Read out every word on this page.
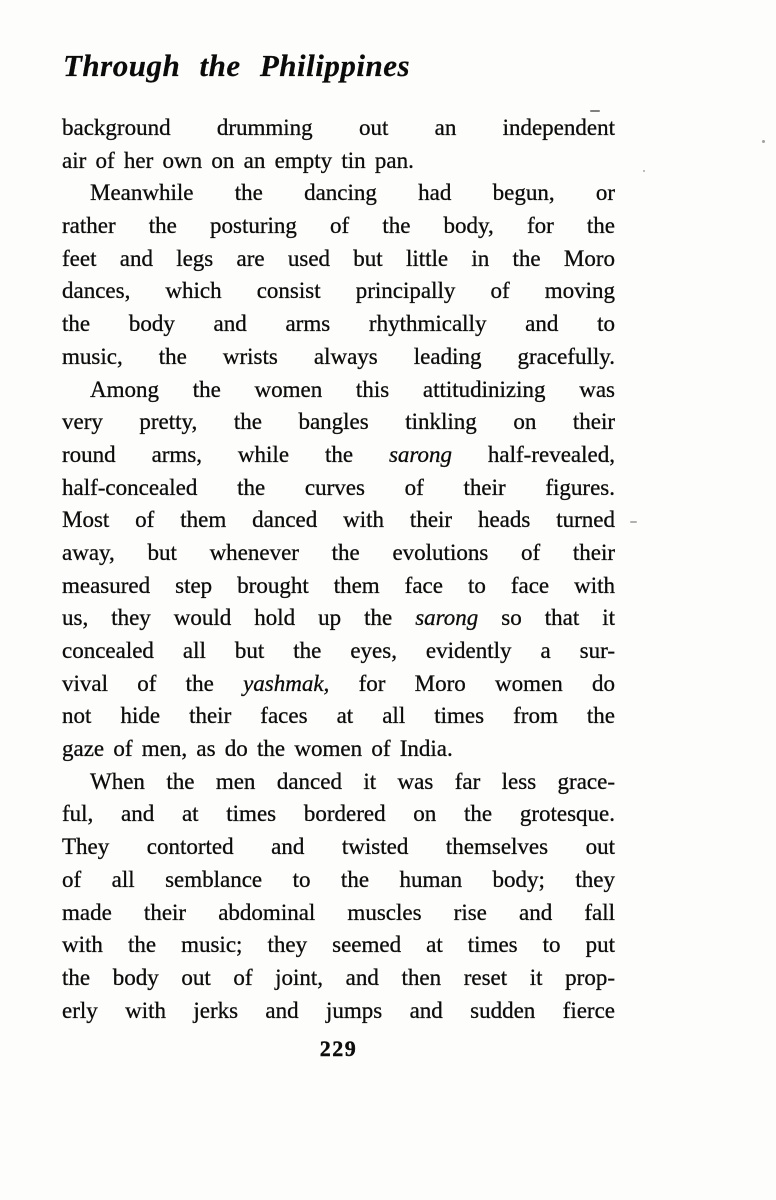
Through the Philippines
background drumming out an independent
air of her own on an empty tin pan.
Meanwhile the dancing had begun, or
rather the posturing of the body, for the
feet and legs are used but little in the Moro
dances, which consist principally of moving
the body and arms rhythmically and to
music, the wrists always leading gracefully.
Among the women this attitudinizing was
very pretty, the bangles tinkling on their
round arms, while the sarong half-revealed,
half-concealed the curves of their figures.
Most of them danced with their heads turned
away, but whenever the evolutions of their
measured step brought them face to face with
us, they would hold up the sarong so that it
concealed all but the eyes, evidently a sur-
vival of the yashmak, for Moro women do
not hide their faces at all times from the
gaze of men, as do the women of India.
When the men danced it was far less grace-
ful, and at times bordered on the grotesque.
They contorted and twisted themselves out
of all semblance to the human body; they
made their abdominal muscles rise and fall
with the music; they seemed at times to put
the body out of joint, and then reset it prop-
erly with jerks and jumps and sudden fierce
229
